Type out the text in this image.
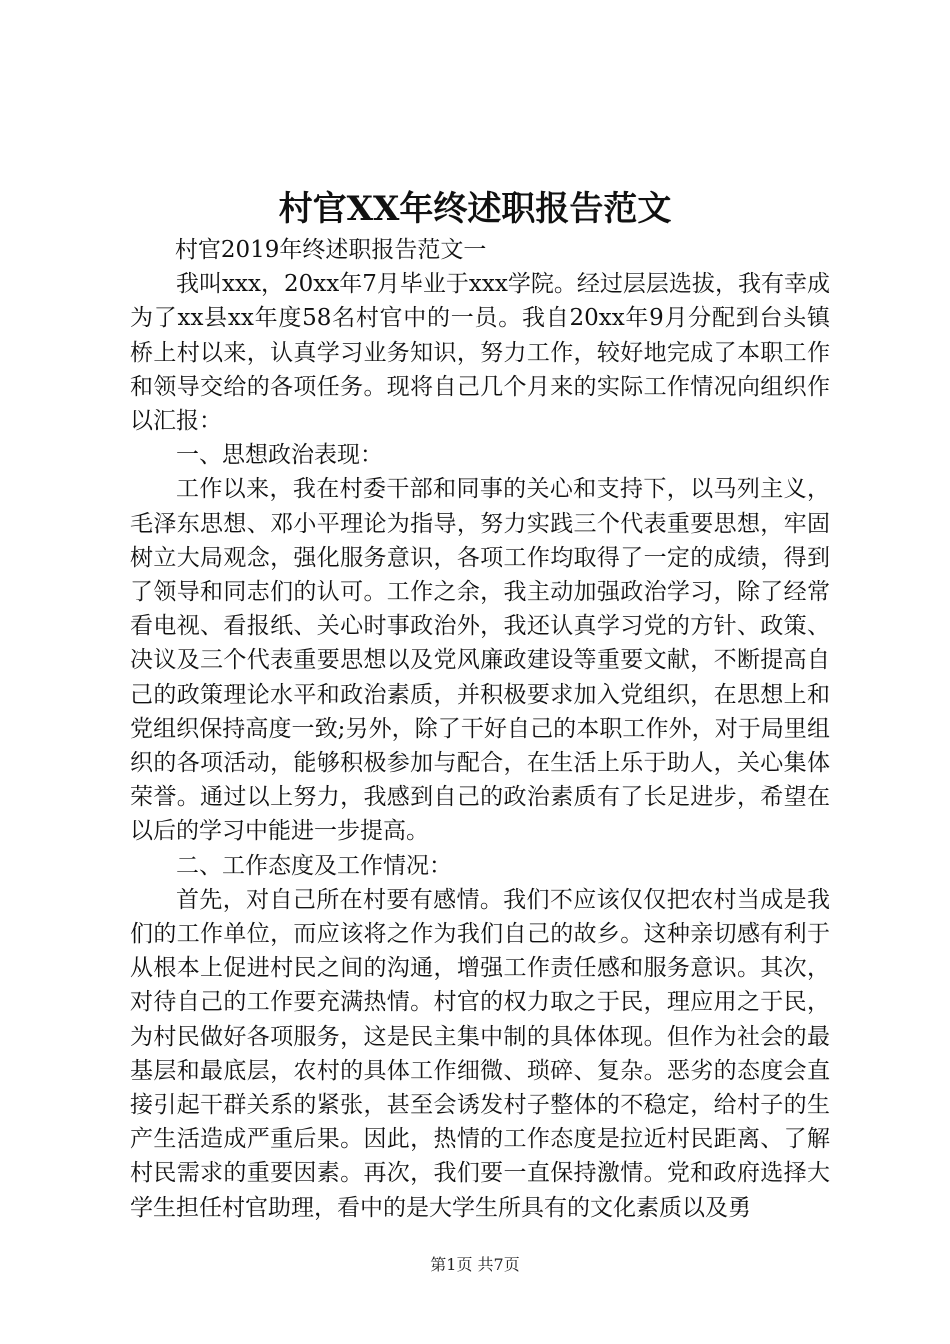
村官XX年终述职报告范文

村官2019年终述职报告范文一

我叫xxx，20xx年7月毕业于xxx学院。经过层层选拔，我有幸成为了xx县xx年度58名村官中的一员。我自20xx年9月分配到台头镇桥上村以来，认真学习业务知识，努力工作，较好地完成了本职工作和领导交给的各项任务。现将自己几个月来的实际工作情况向组织作以汇报：

一、思想政治表现：

工作以来，我在村委干部和同事的关心和支持下，以马列主义，毛泽东思想、邓小平理论为指导，努力实践三个代表重要思想，牢固树立大局观念，强化服务意识，各项工作均取得了一定的成绩，得到了领导和同志们的认可。工作之余，我主动加强政治学习，除了经常看电视、看报纸、关心时事政治外，我还认真学习党的方针、政策、决议及三个代表重要思想以及党风廉政建设等重要文献，不断提高自己的政策理论水平和政治素质，并积极要求加入党组织，在思想上和党组织保持高度一致;另外，除了干好自己的本职工作外，对于局里组织的各项活动，能够积极参加与配合，在生活上乐于助人，关心集体荣誉。通过以上努力，我感到自己的政治素质有了长足进步，希望在以后的学习中能进一步提高。

二、工作态度及工作情况：

首先，对自己所在村要有感情。我们不应该仅仅把农村当成是我们的工作单位，而应该将之作为我们自己的故乡。这种亲切感有利于从根本上促进村民之间的沟通，增强工作责任感和服务意识。其次，对待自己的工作要充满热情。村官的权力取之于民，理应用之于民，为村民做好各项服务，这是民主集中制的具体体现。但作为社会的最基层和最底层，农村的具体工作细微、琐碎、复杂。恶劣的态度会直接引起干群关系的紧张，甚至会诱发村子整体的不稳定，给村子的生产生活造成严重后果。因此，热情的工作态度是拉近村民距离、了解村民需求的重要因素。再次，我们要一直保持激情。党和政府选择大学生担任村官助理，看中的是大学生所具有的文化素质以及勇

第1页 共7页
